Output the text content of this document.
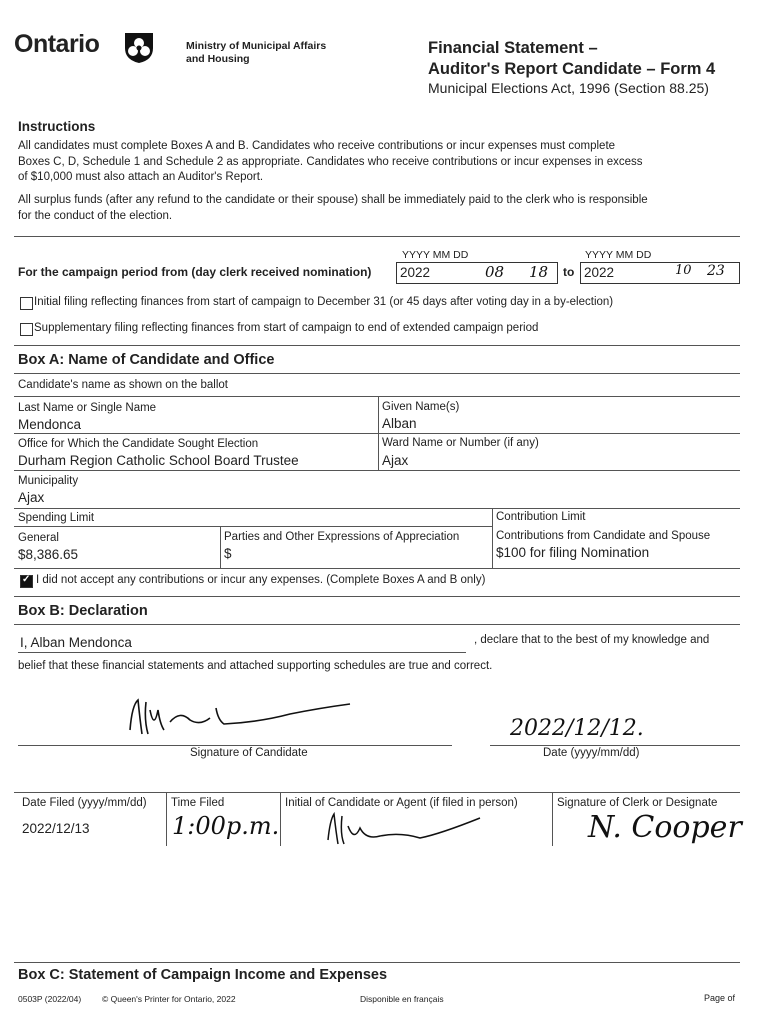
Ontario	Ministry of Municipal Affairs
and Housing
Financial Statement –
Auditor's Report Candidate – Form 4
Municipal Elections Act, 1996 (Section 88.25)
Instructions
All candidates must complete Boxes A and B. Candidates who receive contributions or incur expenses must complete
Boxes C, D, Schedule 1 and Schedule 2 as appropriate. Candidates who receive contributions or incur expenses in excess
of $10,000 must also attach an Auditor's Report.
All surplus funds (after any refund to the candidate or their spouse) shall be immediately paid to the clerk who is responsible
for the conduct of the election.
YYYY MM DD	YYYY MM DD
For the campaign period from (day clerk received nomination) 2022	08 18 to 2022	10 23
Initial filing reflecting finances from start of campaign to December 31 (or 45 days after voting day in a by-election)
Supplementary filing reflecting finances from start of campaign to end of extended campaign period
Box A: Name of Candidate and Office
Candidate's name as shown on the ballot
Last Name or Single Name
Mendonca
Given Name(s)
Alban
Office for Which the Candidate Sought Election
Durham Region Catholic School Board Trustee
Ward Name or Number (if any)
Ajax
Municipality
Ajax
Spending Limit	Contribution Limit
General
$8,386.65
Parties and Other Expressions of Appreciation
$
Contributions from Candidate and Spouse
$100 for filing Nomination
✓
I did not accept any contributions or incur any expenses. (Complete Boxes A and B only)
Box B: Declaration
I, Alban Mendonca	, declare that to the best of my knowledge and
belief that these financial statements and attached supporting schedules are true and correct.
Signature of Candidate
2022/12/12.
Date (yyyy/mm/dd)
Date Filed (yyyy/mm/dd)
2022/12/13
Time Filed
1:00p.m.
Initial of Candidate or Agent (if filed in person)	Signature of Clerk or Designate
N. Cooper
Box C: Statement of Campaign Income and Expenses
0503P (2022/04) © Queen's Printer for Ontario, 2022	Disponible en français	Page of
